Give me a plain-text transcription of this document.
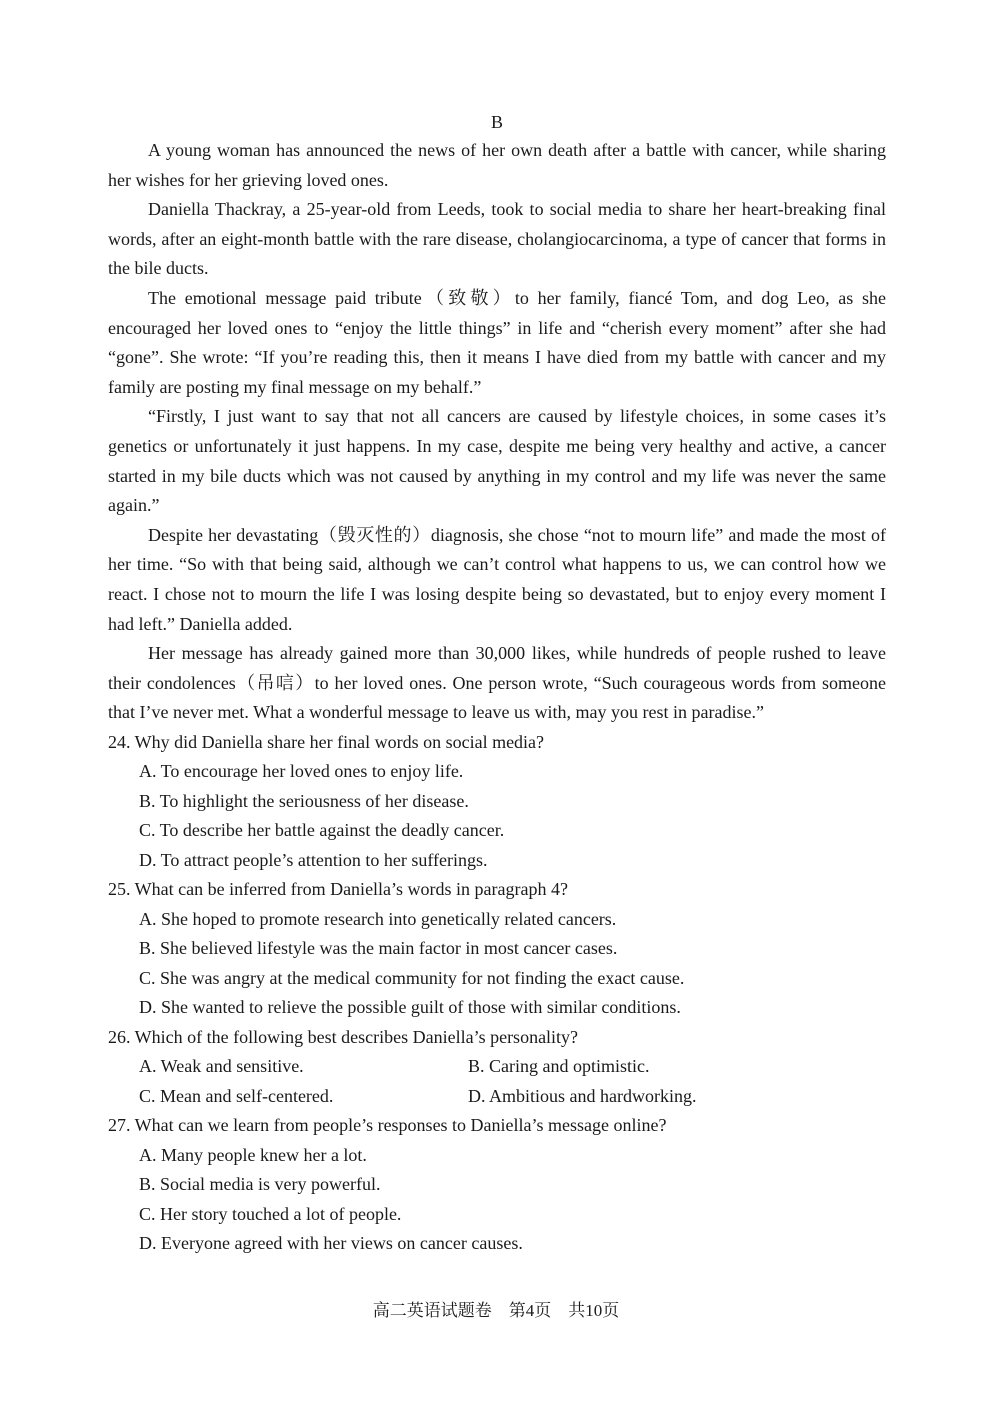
B

A young woman has announced the news of her own death after a battle with cancer, while sharing her wishes for her grieving loved ones.

Daniella Thackray, a 25-year-old from Leeds, took to social media to share her heart-breaking final words, after an eight-month battle with the rare disease, cholangiocarcinoma, a type of cancer that forms in the bile ducts.

The emotional message paid tribute（致敬）to her family, fiancé Tom, and dog Leo, as she encouraged her loved ones to “enjoy the little things” in life and “cherish every moment” after she had “gone”. She wrote: “If you’re reading this, then it means I have died from my battle with cancer and my family are posting my final message on my behalf.”

“Firstly, I just want to say that not all cancers are caused by lifestyle choices, in some cases it’s genetics or unfortunately it just happens. In my case, despite me being very healthy and active, a cancer started in my bile ducts which was not caused by anything in my control and my life was never the same again.”

Despite her devastating（毁灭性的）diagnosis, she chose “not to mourn life” and made the most of her time. “So with that being said, although we can’t control what happens to us, we can control how we react. I chose not to mourn the life I was losing despite being so devastated, but to enjoy every moment I had left.” Daniella added.

Her message has already gained more than 30,000 likes, while hundreds of people rushed to leave their condolences（吊唁）to her loved ones. One person wrote, “Such courageous words from someone that I’ve never met. What a wonderful message to leave us with, may you rest in paradise.”

24. Why did Daniella share her final words on social media?

A. To encourage her loved ones to enjoy life.

B. To highlight the seriousness of her disease.

C. To describe her battle against the deadly cancer.

D. To attract people’s attention to her sufferings.

25. What can be inferred from Daniella’s words in paragraph 4?

A. She hoped to promote research into genetically related cancers.

B. She believed lifestyle was the main factor in most cancer cases.

C. She was angry at the medical community for not finding the exact cause.

D. She wanted to relieve the possible guilt of those with similar conditions.

26. Which of the following best describes Daniella’s personality?

A. Weak and sensitive.	B. Caring and optimistic.
C. Mean and self-centered.	D. Ambitious and hardworking.

27. What can we learn from people’s responses to Daniella’s message online?

A. Many people knew her a lot.

B. Social media is very powerful.

C. Her story touched a lot of people.

D. Everyone agreed with her views on cancer causes.

高二英语试题卷　第4页　共10页
